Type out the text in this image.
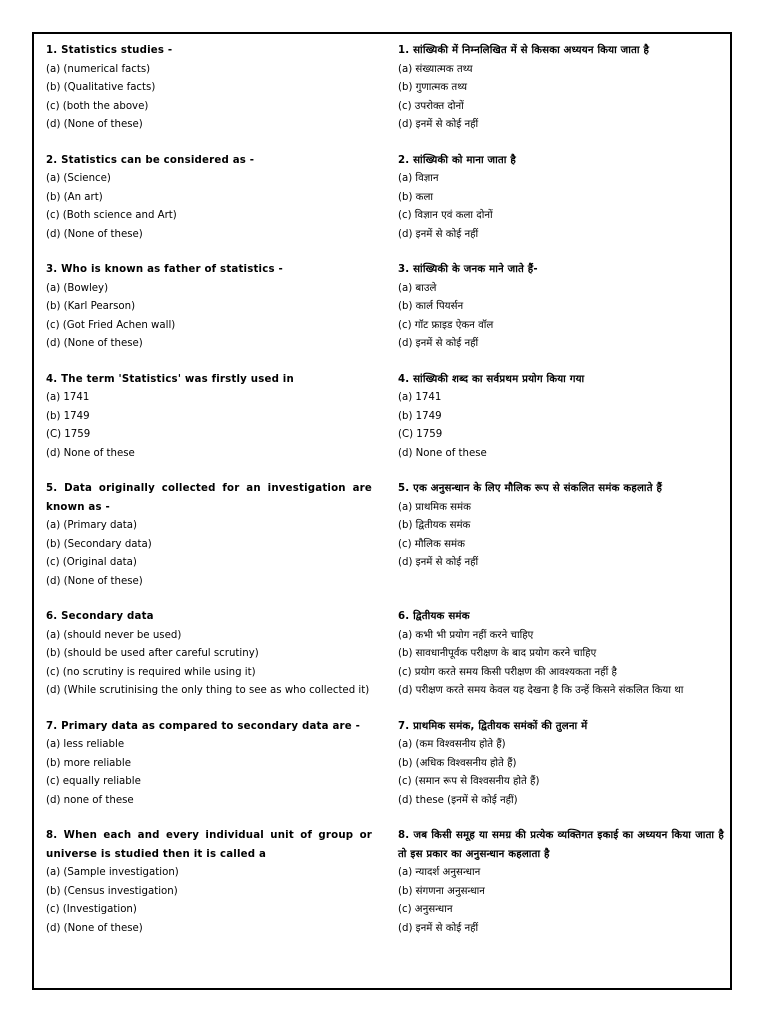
1. Statistics studies -
(a) (numerical facts)
(b) (Qualitative facts)
(c) (both the above)
(d) (None of these)
1. सांख्यिकी में निम्नलिखित में से किसका अध्ययन किया जाता है
(a) संख्यात्मक तथ्य
(b) गुणात्मक तथ्य
(c) उपरोक्त दोनों
(d) इनमें से कोई नहीं
2. Statistics can be considered as -
(a) (Science)
(b) (An art)
(c) (Both science and Art)
(d) (None of these)
2. सांख्यिकी को माना जाता है
(a) विज्ञान
(b) कला
(c) विज्ञान एवं कला दोनों
(d) इनमें से कोई नहीं
3. Who is known as father of statistics -
(a) (Bowley)
(b) (Karl Pearson)
(c) (Got Fried Achen wall)
(d) (None of these)
3. सांख्यिकी के जनक माने जाते हैं-
(a) बाउले
(b) कार्ल पियर्सन
(c) गॉट फ्राइड ऐकन वॉल
(d) इनमें से कोई नहीं
4. The term 'Statistics' was firstly used in
(a) 1741
(b) 1749
(C) 1759
(d) None of these
4. सांख्यिकी शब्द का सर्वप्रथम प्रयोग किया गया
(a) 1741
(b) 1749
(C) 1759
(d) None of these
5. Data originally collected for an investigation are known as -
(a) (Primary data)
(b) (Secondary data)
(c) (Original data)
(d) (None of these)
5. एक अनुसन्धान के लिए मौलिक रूप से संकलित समंक कहलाते हैं
(a) प्राथमिक समंक
(b) द्वितीयक समंक
(c) मौलिक समंक
(d) इनमें से कोई नहीं
6. Secondary data
(a) (should never be used)
(b) (should be used after careful scrutiny)
(c) (no scrutiny is required while using it)
(d) (While scrutinising the only thing to see as who collected it)
6. द्वितीयक समंक
(a) कभी भी प्रयोग नहीं करने चाहिए
(b) सावधानीपूर्वक परीक्षण के बाद प्रयोग करने चाहिए
(c) प्रयोग करते समय किसी परीक्षण की आवश्यकता नहीं है
(d) परीक्षण करते समय केवल यह देखना है कि उन्हें किसने संकलित किया था
7. Primary data as compared to secondary data are -
(a) less reliable
(b) more reliable
(c) equally reliable
(d) none of these
7. प्राथमिक समंक, द्वितीयक समंकों की तुलना में
(a) (कम विश्वसनीय होते हैं)
(b) (अधिक विश्वसनीय होते हैं)
(c) (समान रूप से विश्वसनीय होते हैं)
(d) these (इनमें से कोई नहीं)
8. When each and every individual unit of group or universe is studied then it is called a
(a) (Sample investigation)
(b) (Census investigation)
(c) (Investigation)
(d) (None of these)
8. जब किसी समूह या समग्र की प्रत्येक व्यक्तिगत इकाई का अध्ययन किया जाता है तो इस प्रकार का अनुसन्धान कहलाता है
(a) न्यादर्श अनुसन्धान
(b) संगणना अनुसन्धान
(c) अनुसन्धान
(d) इनमें से कोई नहीं
